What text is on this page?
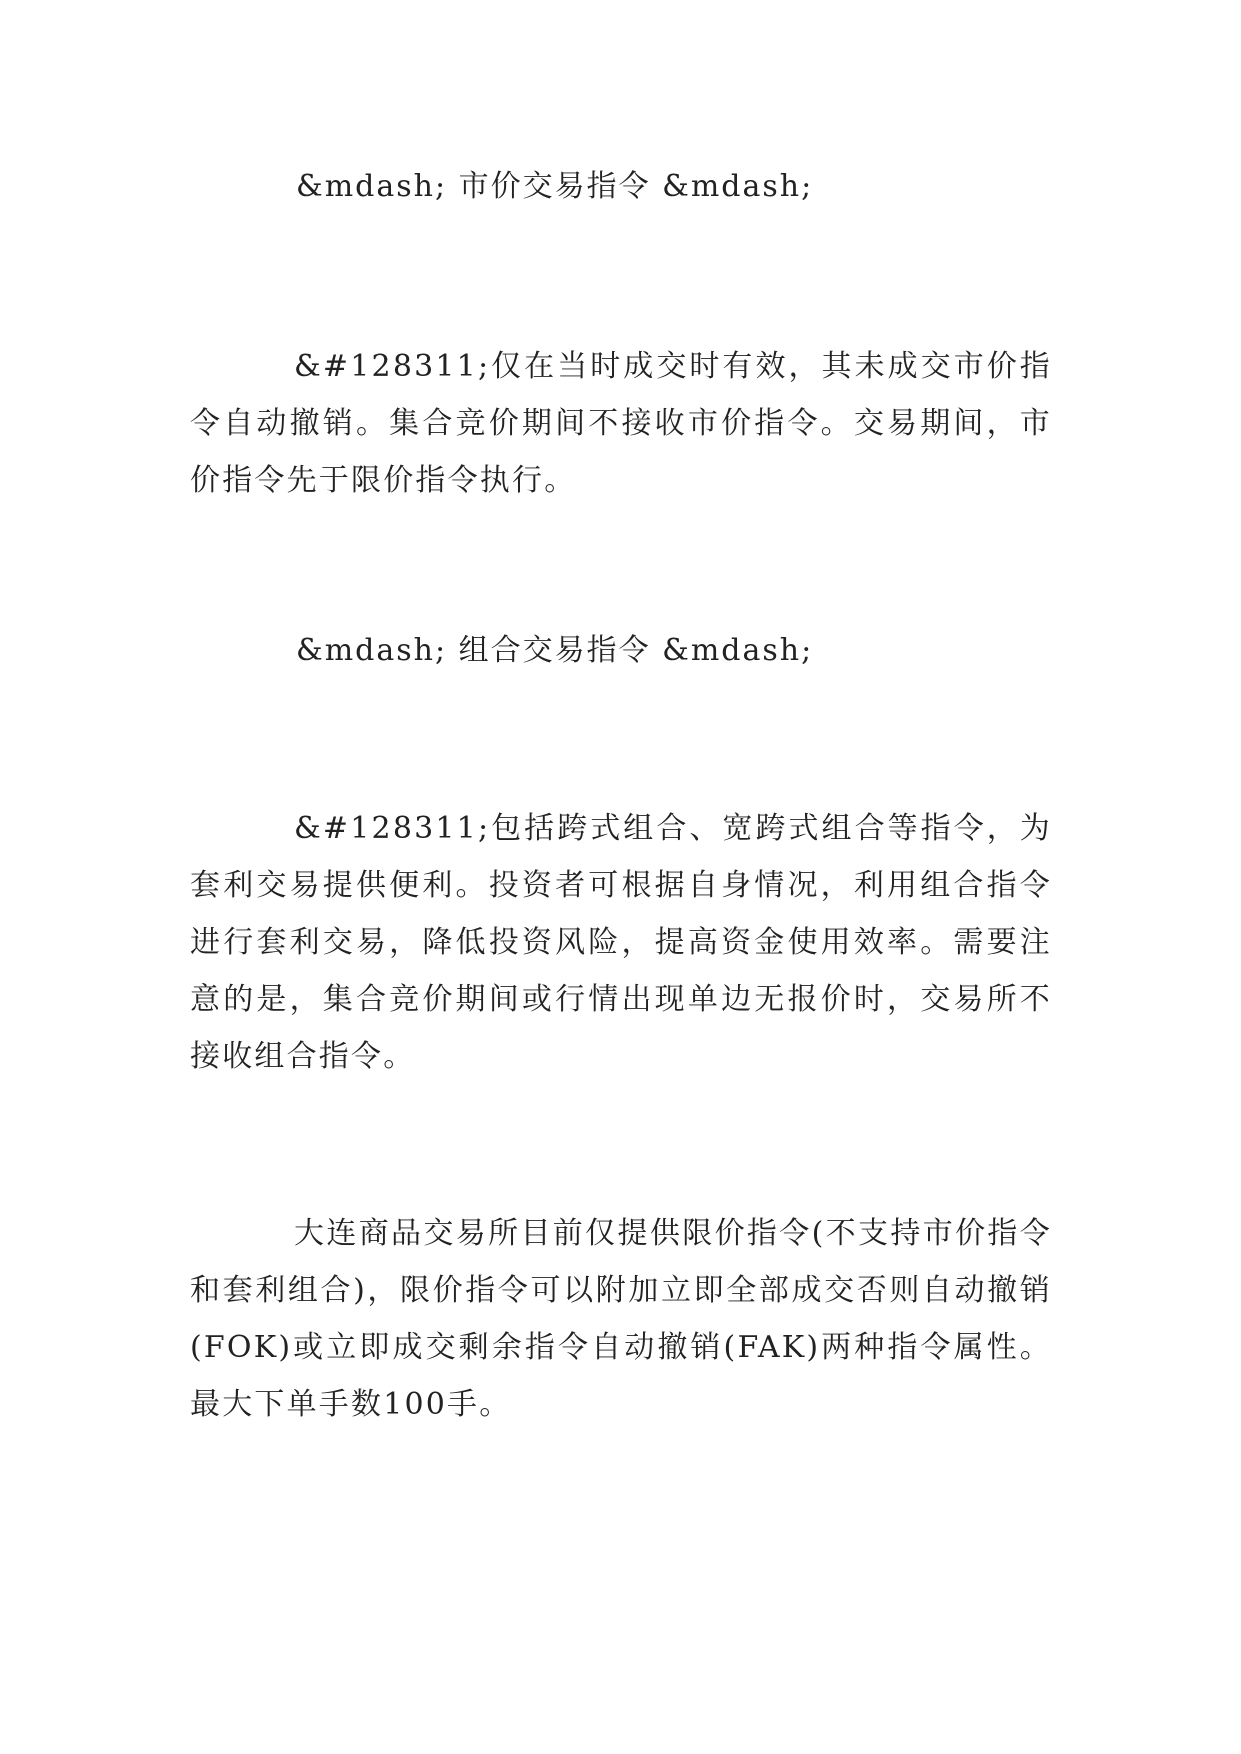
&mdash; 市价交易指令 &mdash;

&#128311;仅在当时成交时有效，其未成交市价指令自动撤销。集合竞价期间不接收市价指令。交易期间，市价指令先于限价指令执行。

&mdash; 组合交易指令 &mdash;

&#128311;包括跨式组合、宽跨式组合等指令，为套利交易提供便利。投资者可根据自身情况，利用组合指令进行套利交易，降低投资风险，提高资金使用效率。需要注意的是，集合竞价期间或行情出现单边无报价时，交易所不接收组合指令。

大连商品交易所目前仅提供限价指令(不支持市价指令和套利组合)，限价指令可以附加立即全部成交否则自动撤销(FOK)或立即成交剩余指令自动撤销(FAK)两种指令属性。最大下单手数100手。
